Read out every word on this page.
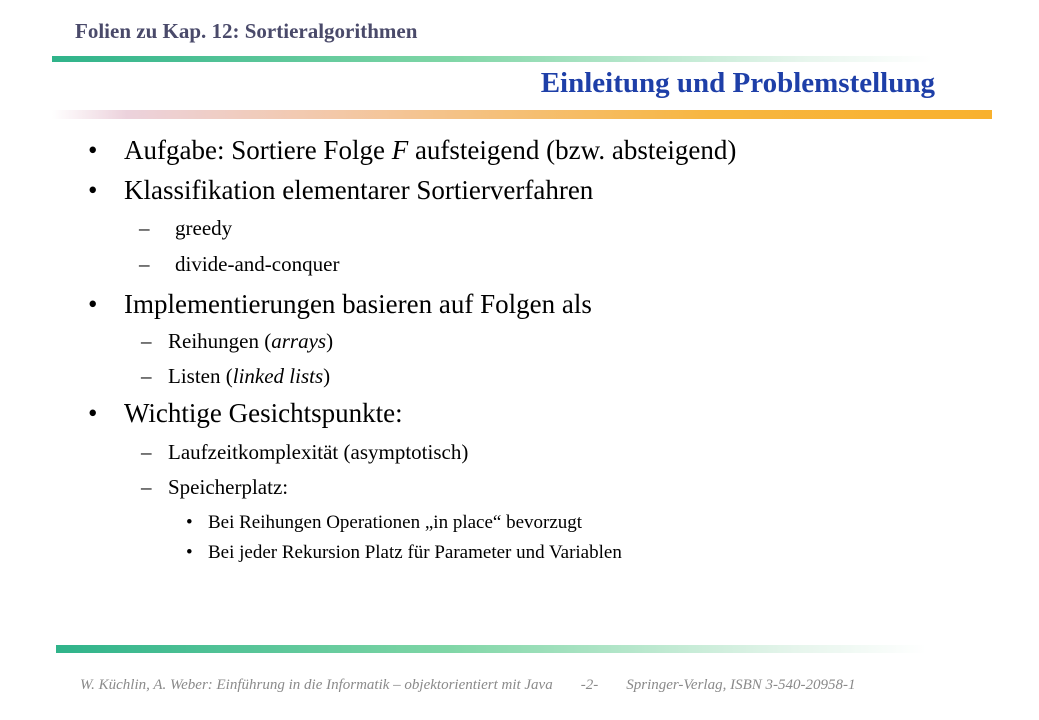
Folien zu Kap. 12: Sortieralgorithmen
Einleitung und Problemstellung
• Aufgabe: Sortiere Folge F aufsteigend (bzw. absteigend)
• Klassifikation elementarer Sortierverfahren
– greedy
– divide-and-conquer
• Implementierungen basieren auf Folgen als
– Reihungen (arrays)
– Listen (linked lists)
• Wichtige Gesichtspunkte:
– Laufzeitkomplexität (asymptotisch)
– Speicherplatz:
• Bei Reihungen Operationen „in place“ bevorzugt
• Bei jeder Rekursion Platz für Parameter und Variablen
W. Küchlin, A. Weber: Einführung in die Informatik – objektorientiert mit Java -2- Springer-Verlag, ISBN 3-540-20958-1
